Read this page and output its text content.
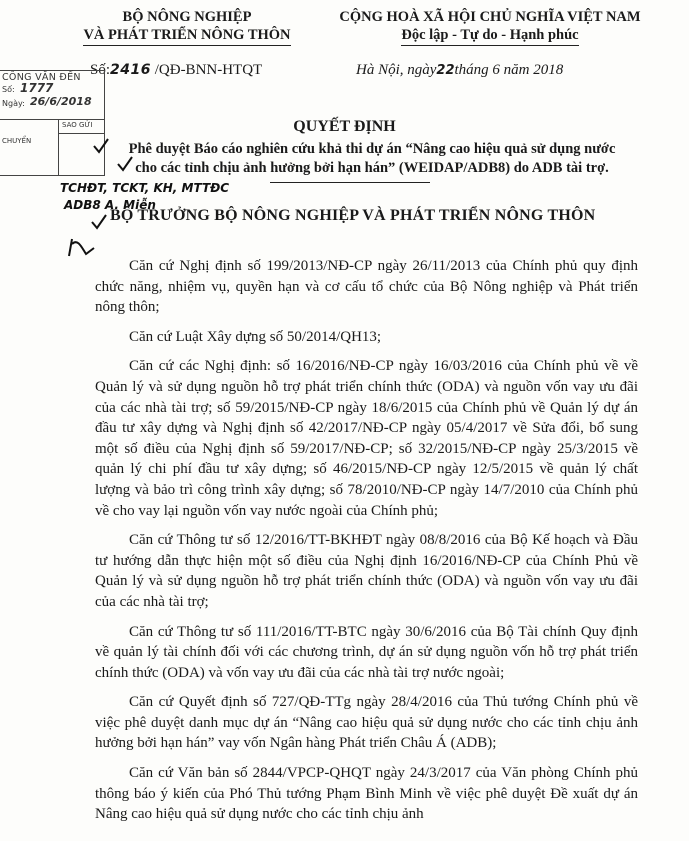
BỘ NÔNG NGHIỆP
VÀ PHÁT TRIỂN NÔNG THÔN
CỘNG HOÀ XÃ HỘI CHỦ NGHĨA VIỆT NAM
Độc lập - Tự do - Hạnh phúc
Số:2416 /QĐ-BNN-HTQT	Hà Nội, ngày22tháng 6 năm 2018
CÔNG VĂN ĐẾN
Số: 1777
Ngày: 26/6/2018
SAO GỬI
CHUYỂN
QUYẾT ĐỊNH
Phê duyệt Báo cáo nghiên cứu khả thi dự án “Nâng cao hiệu quả sử dụng nước
cho các tỉnh chịu ảnh hưởng bởi hạn hán” (WEIDAP/ADB8) do ADB tài trợ.
TCHĐT, TCKT, KH, MTTĐC
ADB8 A. Miễn
BỘ TRƯỞNG BỘ NÔNG NGHIỆP VÀ PHÁT TRIỂN NÔNG THÔN

Căn cứ Nghị định số 199/2013/NĐ-CP ngày 26/11/2013 của Chính phủ quy định chức năng, nhiệm vụ, quyền hạn và cơ cấu tổ chức của Bộ Nông nghiệp và Phát triển nông thôn;

Căn cứ Luật Xây dựng số 50/2014/QH13;

Căn cứ các Nghị định: số 16/2016/NĐ-CP ngày 16/03/2016 của Chính phủ về về Quản lý và sử dụng nguồn hỗ trợ phát triển chính thức (ODA) và nguồn vốn vay ưu đãi của các nhà tài trợ; số 59/2015/NĐ-CP ngày 18/6/2015 của Chính phủ về Quản lý dự án đầu tư xây dựng và Nghị định số 42/2017/NĐ-CP ngày 05/4/2017 về Sửa đổi, bổ sung một số điều của Nghị định số 59/2017/NĐ-CP; số 32/2015/NĐ-CP ngày 25/3/2015 về quản lý chi phí đầu tư xây dựng; số 46/2015/NĐ-CP ngày 12/5/2015 về quản lý chất lượng và bảo trì công trình xây dựng; số 78/2010/NĐ-CP ngày 14/7/2010 của Chính phủ về cho vay lại nguồn vốn vay nước ngoài của Chính phủ;

Căn cứ Thông tư số 12/2016/TT-BKHĐT ngày 08/8/2016 của Bộ Kế hoạch và Đầu tư hướng dẫn thực hiện một số điều của Nghị định 16/2016/NĐ-CP của Chính Phủ về Quản lý và sử dụng nguồn hỗ trợ phát triển chính thức (ODA) và nguồn vốn vay ưu đãi của các nhà tài trợ;

Căn cứ Thông tư số 111/2016/TT-BTC ngày 30/6/2016 của Bộ Tài chính Quy định về quản lý tài chính đối với các chương trình, dự án sử dụng nguồn vốn hỗ trợ phát triển chính thức (ODA) và vốn vay ưu đãi của các nhà tài trợ nước ngoài;

Căn cứ Quyết định số 727/QĐ-TTg ngày 28/4/2016 của Thủ tướng Chính phủ về việc phê duyệt danh mục dự án “Nâng cao hiệu quả sử dụng nước cho các tỉnh chịu ảnh hưởng bởi hạn hán” vay vốn Ngân hàng Phát triển Châu Á (ADB);

Căn cứ Văn bản số 2844/VPCP-QHQT ngày 24/3/2017 của Văn phòng Chính phủ thông báo ý kiến của Phó Thủ tướng Phạm Bình Minh về việc phê duyệt Đề xuất dự án Nâng cao hiệu quả sử dụng nước cho các tỉnh chịu ảnh
